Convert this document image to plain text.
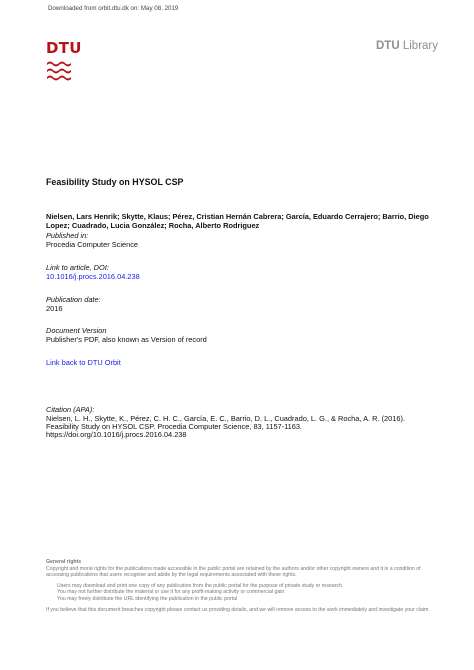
Downloaded from orbit.dtu.dk on: May 08, 2019
DTU	DTU Library
Feasibility Study on HYSOL CSP
Nielsen, Lars Henrik; Skytte, Klaus; Pérez, Cristian Hernán Cabrera; García, Eduardo Cerrajero; Barrio, Diego Lopez; Cuadrado, Lucia González; Rocha, Alberto Rodriguez
Published in:
Procedia Computer Science
Link to article, DOI:
10.1016/j.procs.2016.04.238
Publication date:
2016
Document Version
Publisher's PDF, also known as Version of record
Link back to DTU Orbit
Citation (APA):
Nielsen, L. H., Skytte, K., Pérez, C. H. C., García, E. C., Barrio, D. L., Cuadrado, L. G., & Rocha, A. R. (2016).
Feasibility Study on HYSOL CSP. Procedia Computer Science, 83, 1157-1163.
https://doi.org/10.1016/j.procs.2016.04.238
General rights
Copyright and moral rights for the publications made accessible in the public portal are retained by the authors and/or other copyright owners and it is a condition of accessing publications that users recognise and abide by the legal requirements associated with these rights.
Users may download and print one copy of any publication from the public portal for the purpose of private study or research.
You may not further distribute the material or use it for any profit-making activity or commercial gain
You may freely distribute the URL identifying the publication in the public portal
If you believe that this document breaches copyright please contact us providing details, and we will remove access to the work immediately and investigate your claim.
